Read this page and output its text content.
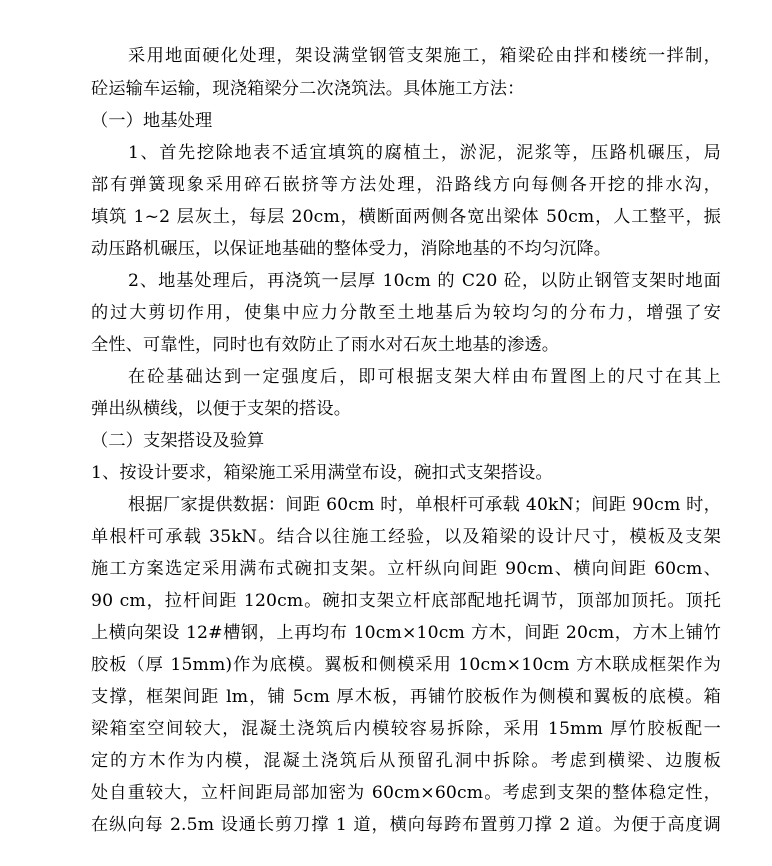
采用地面硬化处理，架设满堂钢管支架施工，箱梁砼由拌和楼统一拌制，
砼运输车运输，现浇箱梁分二次浇筑法。具体施工方法：
（一）地基处理
1、首先挖除地表不适宜填筑的腐植土，淤泥，泥浆等，压路机碾压，局
部有弹簧现象采用碎石嵌挤等方法处理，沿路线方向每侧各开挖的排水沟，
填筑 1~2 层灰土，每层 20cm，横断面两侧各宽出梁体 50cm，人工整平，振
动压路机碾压，以保证地基础的整体受力，消除地基的不均匀沉降。
2、地基处理后，再浇筑一层厚 10cm 的 C20 砼，以防止钢管支架时地面
的过大剪切作用，使集中应力分散至土地基后为较均匀的分布力，增强了安
全性、可靠性，同时也有效防止了雨水对石灰土地基的渗透。
在砼基础达到一定强度后，即可根据支架大样由布置图上的尺寸在其上
弹出纵横线，以便于支架的搭设。
（二）支架搭设及验算
1、按设计要求，箱梁施工采用满堂布设，碗扣式支架搭设。
根据厂家提供数据：间距 60cm 时，单根杆可承载 40kN；间距 90cm 时，
单根杆可承载 35kN。结合以往施工经验，以及箱梁的设计尺寸，模板及支架
施工方案选定采用满布式碗扣支架。立杆纵向间距 90cm、横向间距 60cm、
90 cm，拉杆间距 120cm。碗扣支架立杆底部配地托调节，顶部加顶托。顶托
上横向架设 12#槽钢，上再均布 10cm×10cm 方木，间距 20cm，方木上铺竹
胶板（厚 15mm)作为底模。翼板和侧模采用 10cm×10cm 方木联成框架作为
支撑，框架间距 lm，铺 5cm 厚木板，再铺竹胶板作为侧模和翼板的底模。箱
梁箱室空间较大，混凝土浇筑后内模较容易拆除，采用 15mm 厚竹胶板配一
定的方木作为内模，混凝土浇筑后从预留孔洞中拆除。考虑到横梁、边腹板
处自重较大，立杆间距局部加密为 60cm×60cm。考虑到支架的整体稳定性，
在纵向每 2.5m 设通长剪刀撑 1 道，横向每跨布置剪刀撑 2 道。为便于高度调
